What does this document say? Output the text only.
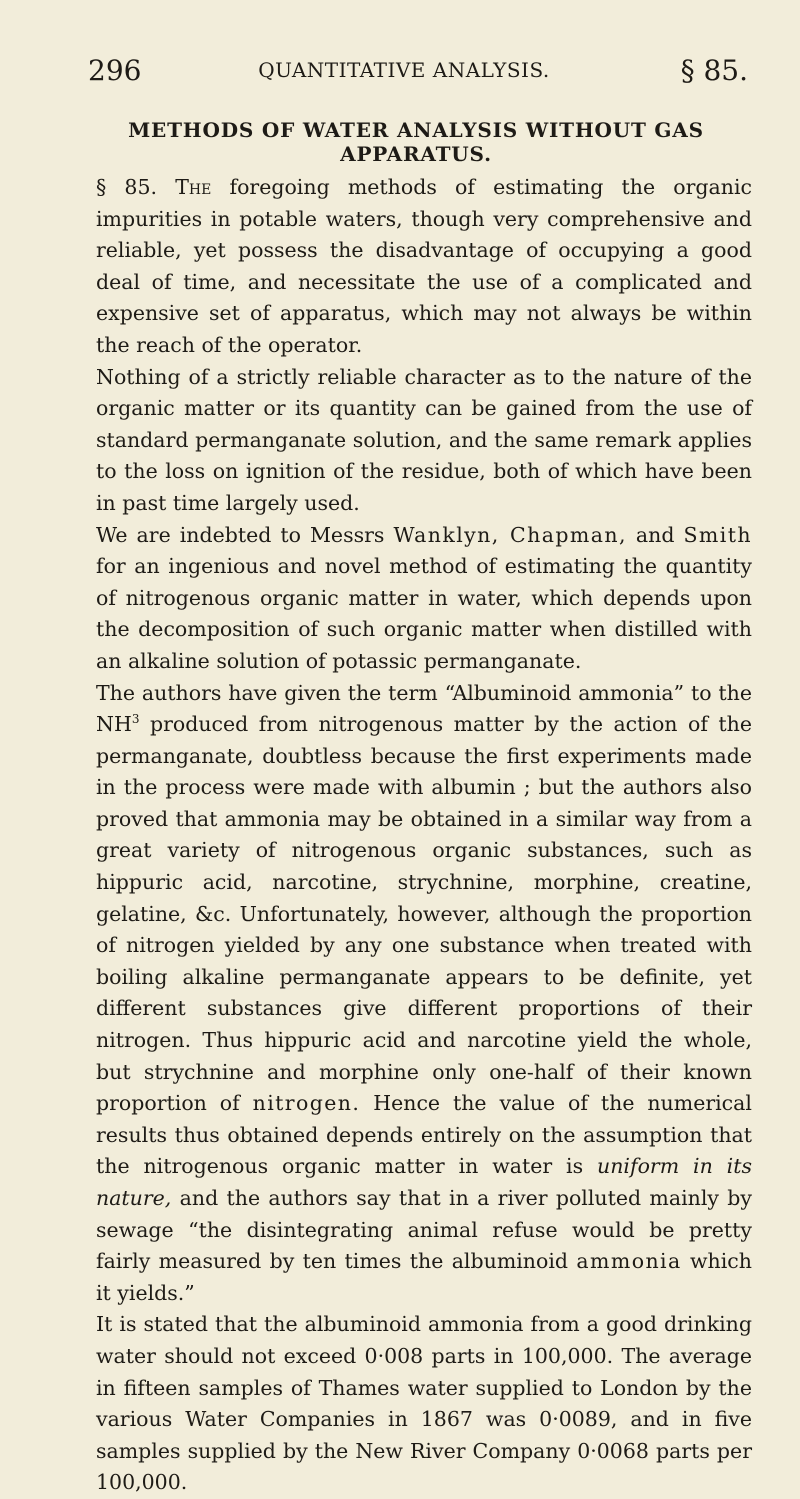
296	QUANTITATIVE ANALYSIS.	§ 85.
METHODS OF WATER ANALYSIS WITHOUT GAS APPARATUS.

§ 85. The foregoing methods of estimating the organic impurities in potable waters, though very comprehensive and reliable, yet possess the disadvantage of occupying a good deal of time, and necessitate the use of a complicated and expensive set of apparatus, which may not always be within the reach of the operator.

Nothing of a strictly reliable character as to the nature of the organic matter or its quantity can be gained from the use of standard permanganate solution, and the same remark applies to the loss on ignition of the residue, both of which have been in past time largely used.

We are indebted to Messrs Wanklyn, Chapman, and Smith for an ingenious and novel method of estimating the quantity of nitrogenous organic matter in water, which depends upon the decomposition of such organic matter when distilled with an alkaline solution of potassic permanganate.

The authors have given the term “Albuminoid ammonia” to the $NH^3$ produced from nitrogenous matter by the action of the permanganate, doubtless because the first experiments made in the process were made with albumin ; but the authors also proved that ammonia may be obtained in a similar way from a great variety of nitrogenous organic substances, such as hippuric acid, narcotine, strychnine, morphine, creatine, gelatine, &c. Unfortunately, however, although the proportion of nitrogen yielded by any one substance when treated with boiling alkaline permanganate appears to be definite, yet different substances give different proportions of their nitrogen. Thus hippuric acid and narcotine yield the whole, but strychnine and morphine only one-half of their known proportion of nitrogen. Hence the value of the numerical results thus obtained depends entirely on the assumption that the nitrogenous organic matter in water is uniform in its nature, and the authors say that in a river polluted mainly by sewage “the disintegrating animal refuse would be pretty fairly measured by ten times the albuminoid ammonia which it yields.”

It is stated that the albuminoid ammonia from a good drinking water should not exceed 0·008 parts in 100,000. The average in fifteen samples of Thames water supplied to London by the various Water Companies in 1867 was 0·0089, and in five samples supplied by the New River Company 0·0068 parts per 100,000.
